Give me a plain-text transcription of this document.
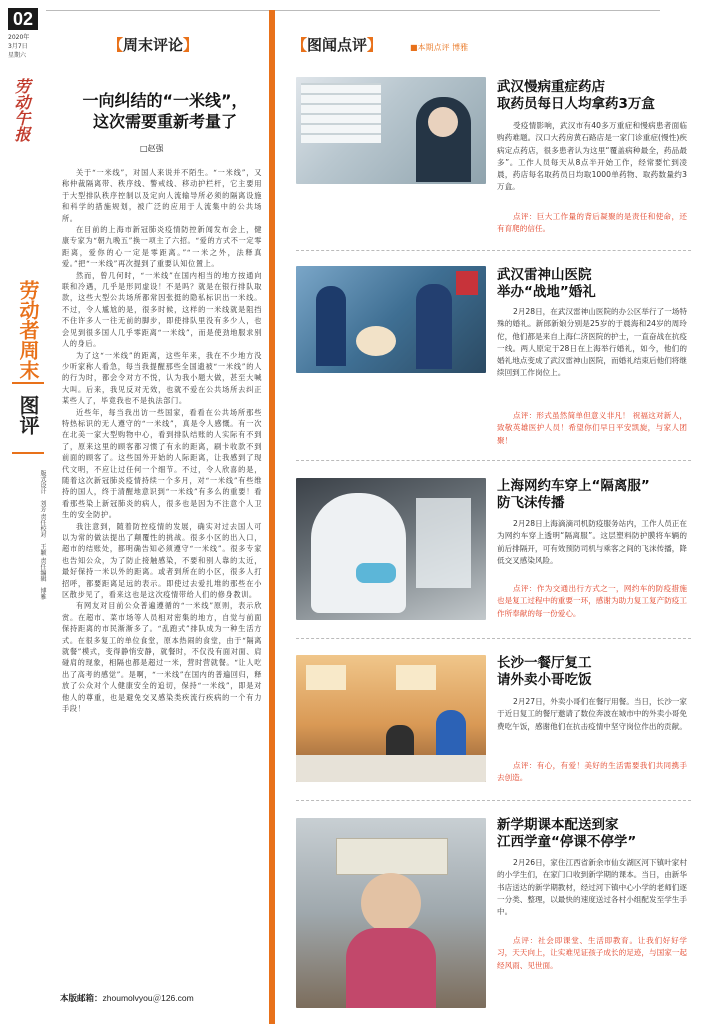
02
2020年
3月7日
星期六
劳动午报
劳动者周末
图评
版式设计　刘芳 责任校对　王颖 责任编辑　博雅
【周末评论】
一向纠结的“一米线”，
这次需要重新考量了
□赵强

关于“一米线”，对国人来说并不陌生。“一米线”，又称仲裁隔离带、秩序线、警戒线、移动护栏杆，它主要用于大型排队秩序控制以及定向人流输导所必须的隔离设施和科学的措施规划，被广泛的应用于人流集中的公共场所。

在目前的上海市新冠肺炎疫情防控新闻发布会上，健康专家为“朝九晚五”换一项主了六招。“爱的方式不一定零距离，爱你的心一定是零距离。”“一米之外，法释真爱。”把“一米线”再次提到了重要认知位置上。

然而，曾几何时，“一米线”在国内相当的地方按通向联和冷遇，几乎是形同虚设！不是吗？就是在银行排队取款，这些大型公共场所都常因张挺的隐私标识出一米线。不过，令人尴尬的是，很多时候，这样的一米线就是阻挡不住许多人一往无前的脚步，即使排队里没有多少人，也会见到很多国人几乎零距离“一米线”，而是使劲地服求别人的身后。

为了这“一米线”的距离，这些年来，我在不少地方没少听家称人看急，每当我提醒那些全国遗被“一米线”的人的行为时，都会令对方不悦，认为我小题大做，甚至大喊大叫。后来，我见反对无效，也就不爱在公共场所去纠正某些人了，毕竟我也不是执法部门。

近些年，每当我出访一些国家，看看在公共场所那些特热标识的无人遵守的“一米线”，真是令人感慨。有一次在北美一家大型购物中心，看到排队结账的人实际有不到了，原来这里的顾客都习惯了有永的距离，刷卡收款不到前面的顾客了。这些国外开始的人际距离，让我感到了现代文明，不应让过任何一个细节。不过，令人欣喜的是，随着这次新冠肺炎疫情持续一个多月，对“一米线”有些维持的国人，终于清醒地意识到“一米线”有多么的重要！看看那些染上新冠肺炎的病人，很多也是因为不注意个人卫生的安全防护。

我注意到，随着防控疫情的发展，确实对过去国人可以为常的做法提出了颠覆性的挑战。很多小区的出入口，超市的结账处，都明确告知必须遵守“一米线”。很多专家也告知公众，为了防止接触感染，不要和别人靠的太近，最好保持一米以外的距离。或者到所在的小区，很多人打招呼，都要距离足远的表示。即使过去爱扎堆的那些在小区散步见了，看来这也是这次疫情带给人们的修身教训。

有网友对目前公众普遍遵循的“一米线”原则，表示欣赏。在超市、菜市场等人员相对密集的地方，自觉与前面保持距离的市民渐渐多了。“乱跑式”排队成为一种生活方式。在很多复工的单位食堂，原本热闹的食堂，由于“隔离就餐”模式，变得静悄安静，就餐时，不仅没有面对面、肩碰肩的现象，相隔也都是超过一米，营时营就餐。“让人吃出了高考的感觉”。是啊，“一米线”在国内的普遍回归，释放了公众对个人健康安全的追切，保持“一米线”，即是对他人的尊重，也是避免交叉感染类疾流行疾病的一个有力手段！

本版邮箱：zhoumolvyou＠126.com
【图闻点评】	■本期点评 博雅
武汉慢病重症药店
取药员每日人均拿药3万盒
受疫情影响，武汉市有40多万重症和慢病患者面临购药难题。汉口大药房黄石路店是一家门诊重症(慢性)疾病定点药店，很多患者认为这里“覆盖病种最全，药品最多”。工作人员每天从8点半开始工作，经常要忙到凌晨，药店每名取药员日均取1000单药物、取药数量约3万盒。
点评：巨大工作量的背后凝聚的是责任和使命，还有育爬的信任。
武汉雷神山医院
举办“战地”婚礼
2月28日，在武汉雷神山医院的办公区举行了一场特殊的婚礼。新郎新娘分别是25岁的于晨海和24岁的周玲佗，他们都是来自上海仁济医院的护士，一直奋战在抗疫一线。两人原定于28日在上海举行婚礼，如今，他们的婚礼地点变成了武汉雷神山医院，而婚礼结束后他们将继续回到工作岗位上。
点评：形式虽然简单但意义非凡！ 祝福这对新人，致敬英雄医护人员！希望你们早日平安凯旋，与家人团聚！
上海网约车穿上“隔离服”
防飞沫传播
2月28日上海滴滴司机防疫服务站内，工作人员正在为网约车穿上透明“隔离服”。这层塑料防护膜将车辆的前后排隔开，可有效预防司机与乘客之间的飞沫传播，降低交叉感染风险。
点评：作为交通出行方式之一，网约车的防疫措施也是复工过程中的重要一环，感谢为助力复工复产防疫工作所奉献的每一份爱心。
长沙一餐厅复工
请外卖小哥吃饭
2月27日，外卖小哥们在餐厅用餐。当日，长沙一家于近日复工的餐厅邀请了数位奔波在城市中的外卖小哥免费吃午饭，感谢他们在抗击疫情中坚守岗位作出的贡献。
点评：有心，有爱！美好的生活需要我们共同携手去创造。
新学期课本配送到家
江西学童“停课不停学”
2月26日，家住江西省新余市仙女湖区河下镇叶家村的小学生们，在家门口收到新学期的课本。当日，由新华书店送达的新学期教材，经过河下镇中心小学的老师们逐一分类、整理，以最快的速度送过各村小组配发至学生手中。
点评：社会即课堂、生活即教育。让我们好好学习，天天向上，让实难见证孩子成长的足迹，与国家一起经风雨、见世面。
